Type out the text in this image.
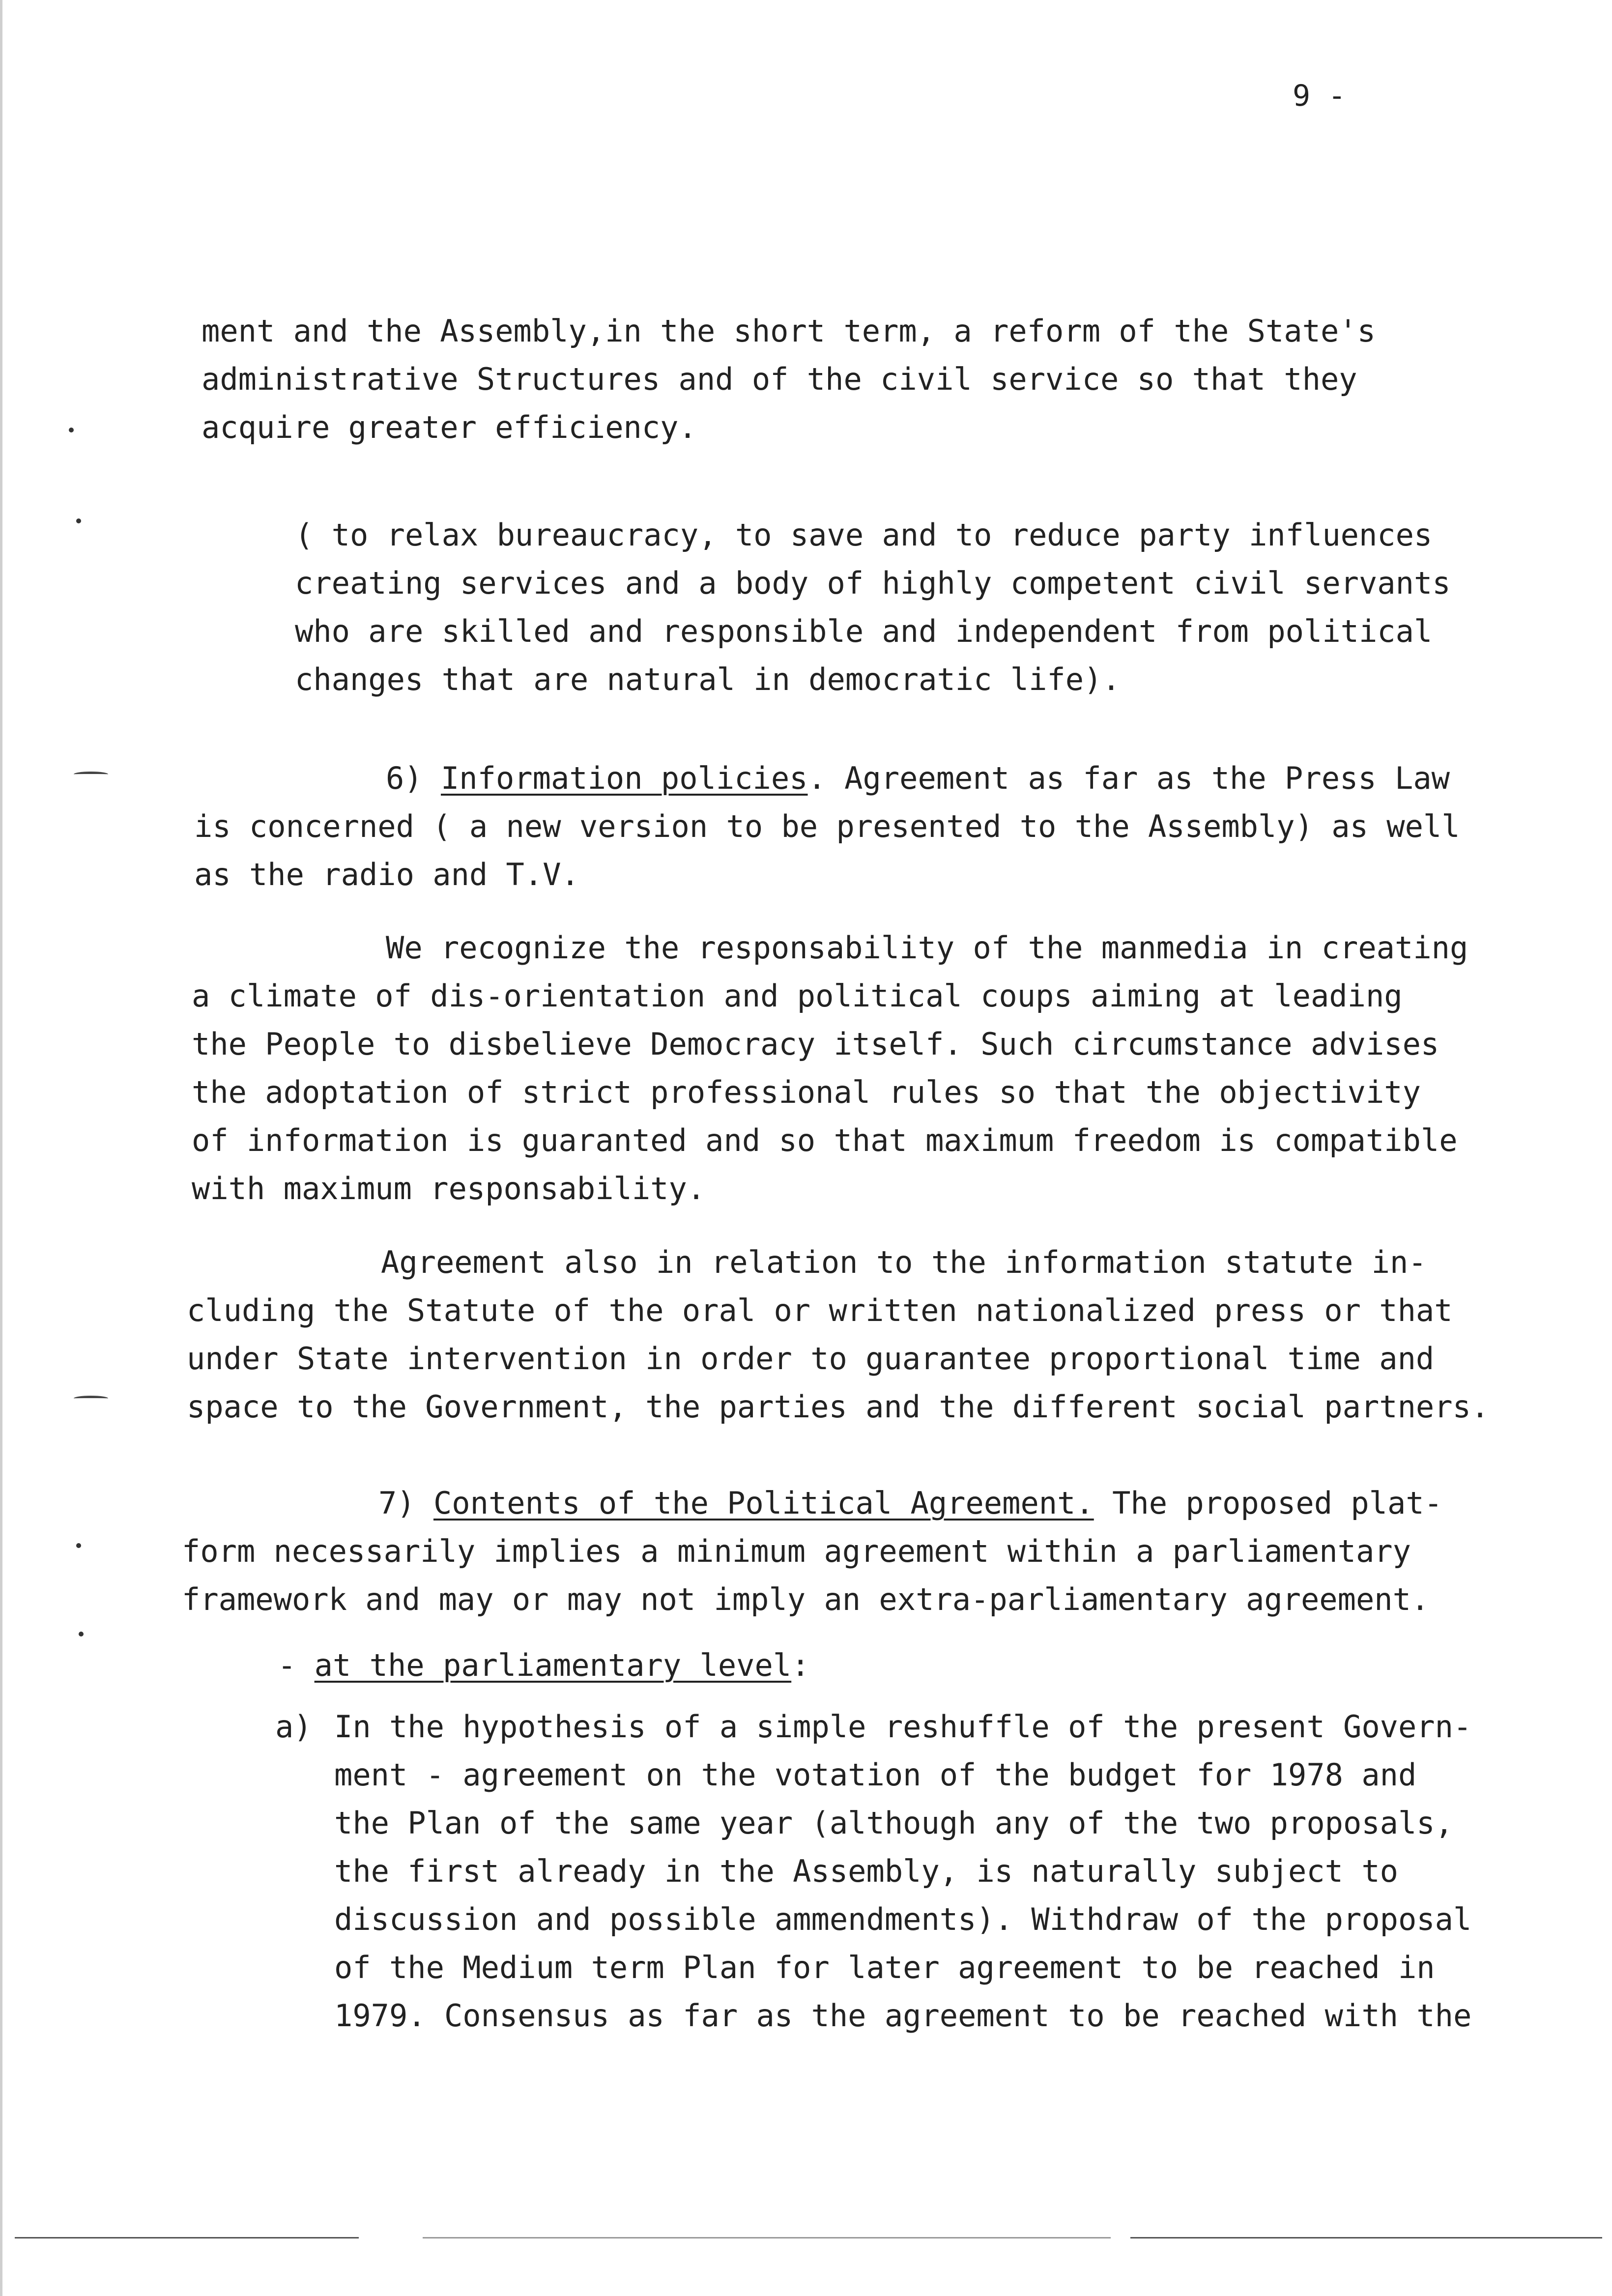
9 -
ment and the Assembly,in the short term, a reform of the State's
administrative Structures and of the civil service so that they
acquire greater efficiency.
( to relax bureaucracy, to save and to reduce party influences
creating services and a body of highly competent civil servants
who are skilled and responsible and independent from political
changes that are natural in democratic life).
6) Information policies. Agreement as far as the Press Law
is concerned ( a new version to be presented to the Assembly) as well
as the radio and T.V.
We recognize the responsability of the manmedia in creating
a climate of dis-orientation and political coups aiming at leading
the People to disbelieve Democracy itself. Such circumstance advises
the adoptation of strict professional rules so that the objectivity
of information is guaranted and so that maximum freedom is compatible
with maximum responsability.
Agreement also in relation to the information statute in-
cluding the Statute of the oral or written nationalized press or that
under State intervention in order to guarantee proportional time and
space to the Government, the parties and the different social partners.
7) Contents of the Political Agreement. The proposed plat-
form necessarily implies a minimum agreement within a parliamentary
framework and may or may not imply an extra-parliamentary agreement.
- at the parliamentary level:
a) In the hypothesis of a simple reshuffle of the present Govern-
ment - agreement on the votation of the budget for 1978 and
the Plan of the same year (although any of the two proposals,
the first already in the Assembly, is naturally subject to
discussion and possible ammendments). Withdraw of the proposal
of the Medium term Plan for later agreement to be reached in
1979. Consensus as far as the agreement to be reached with the
